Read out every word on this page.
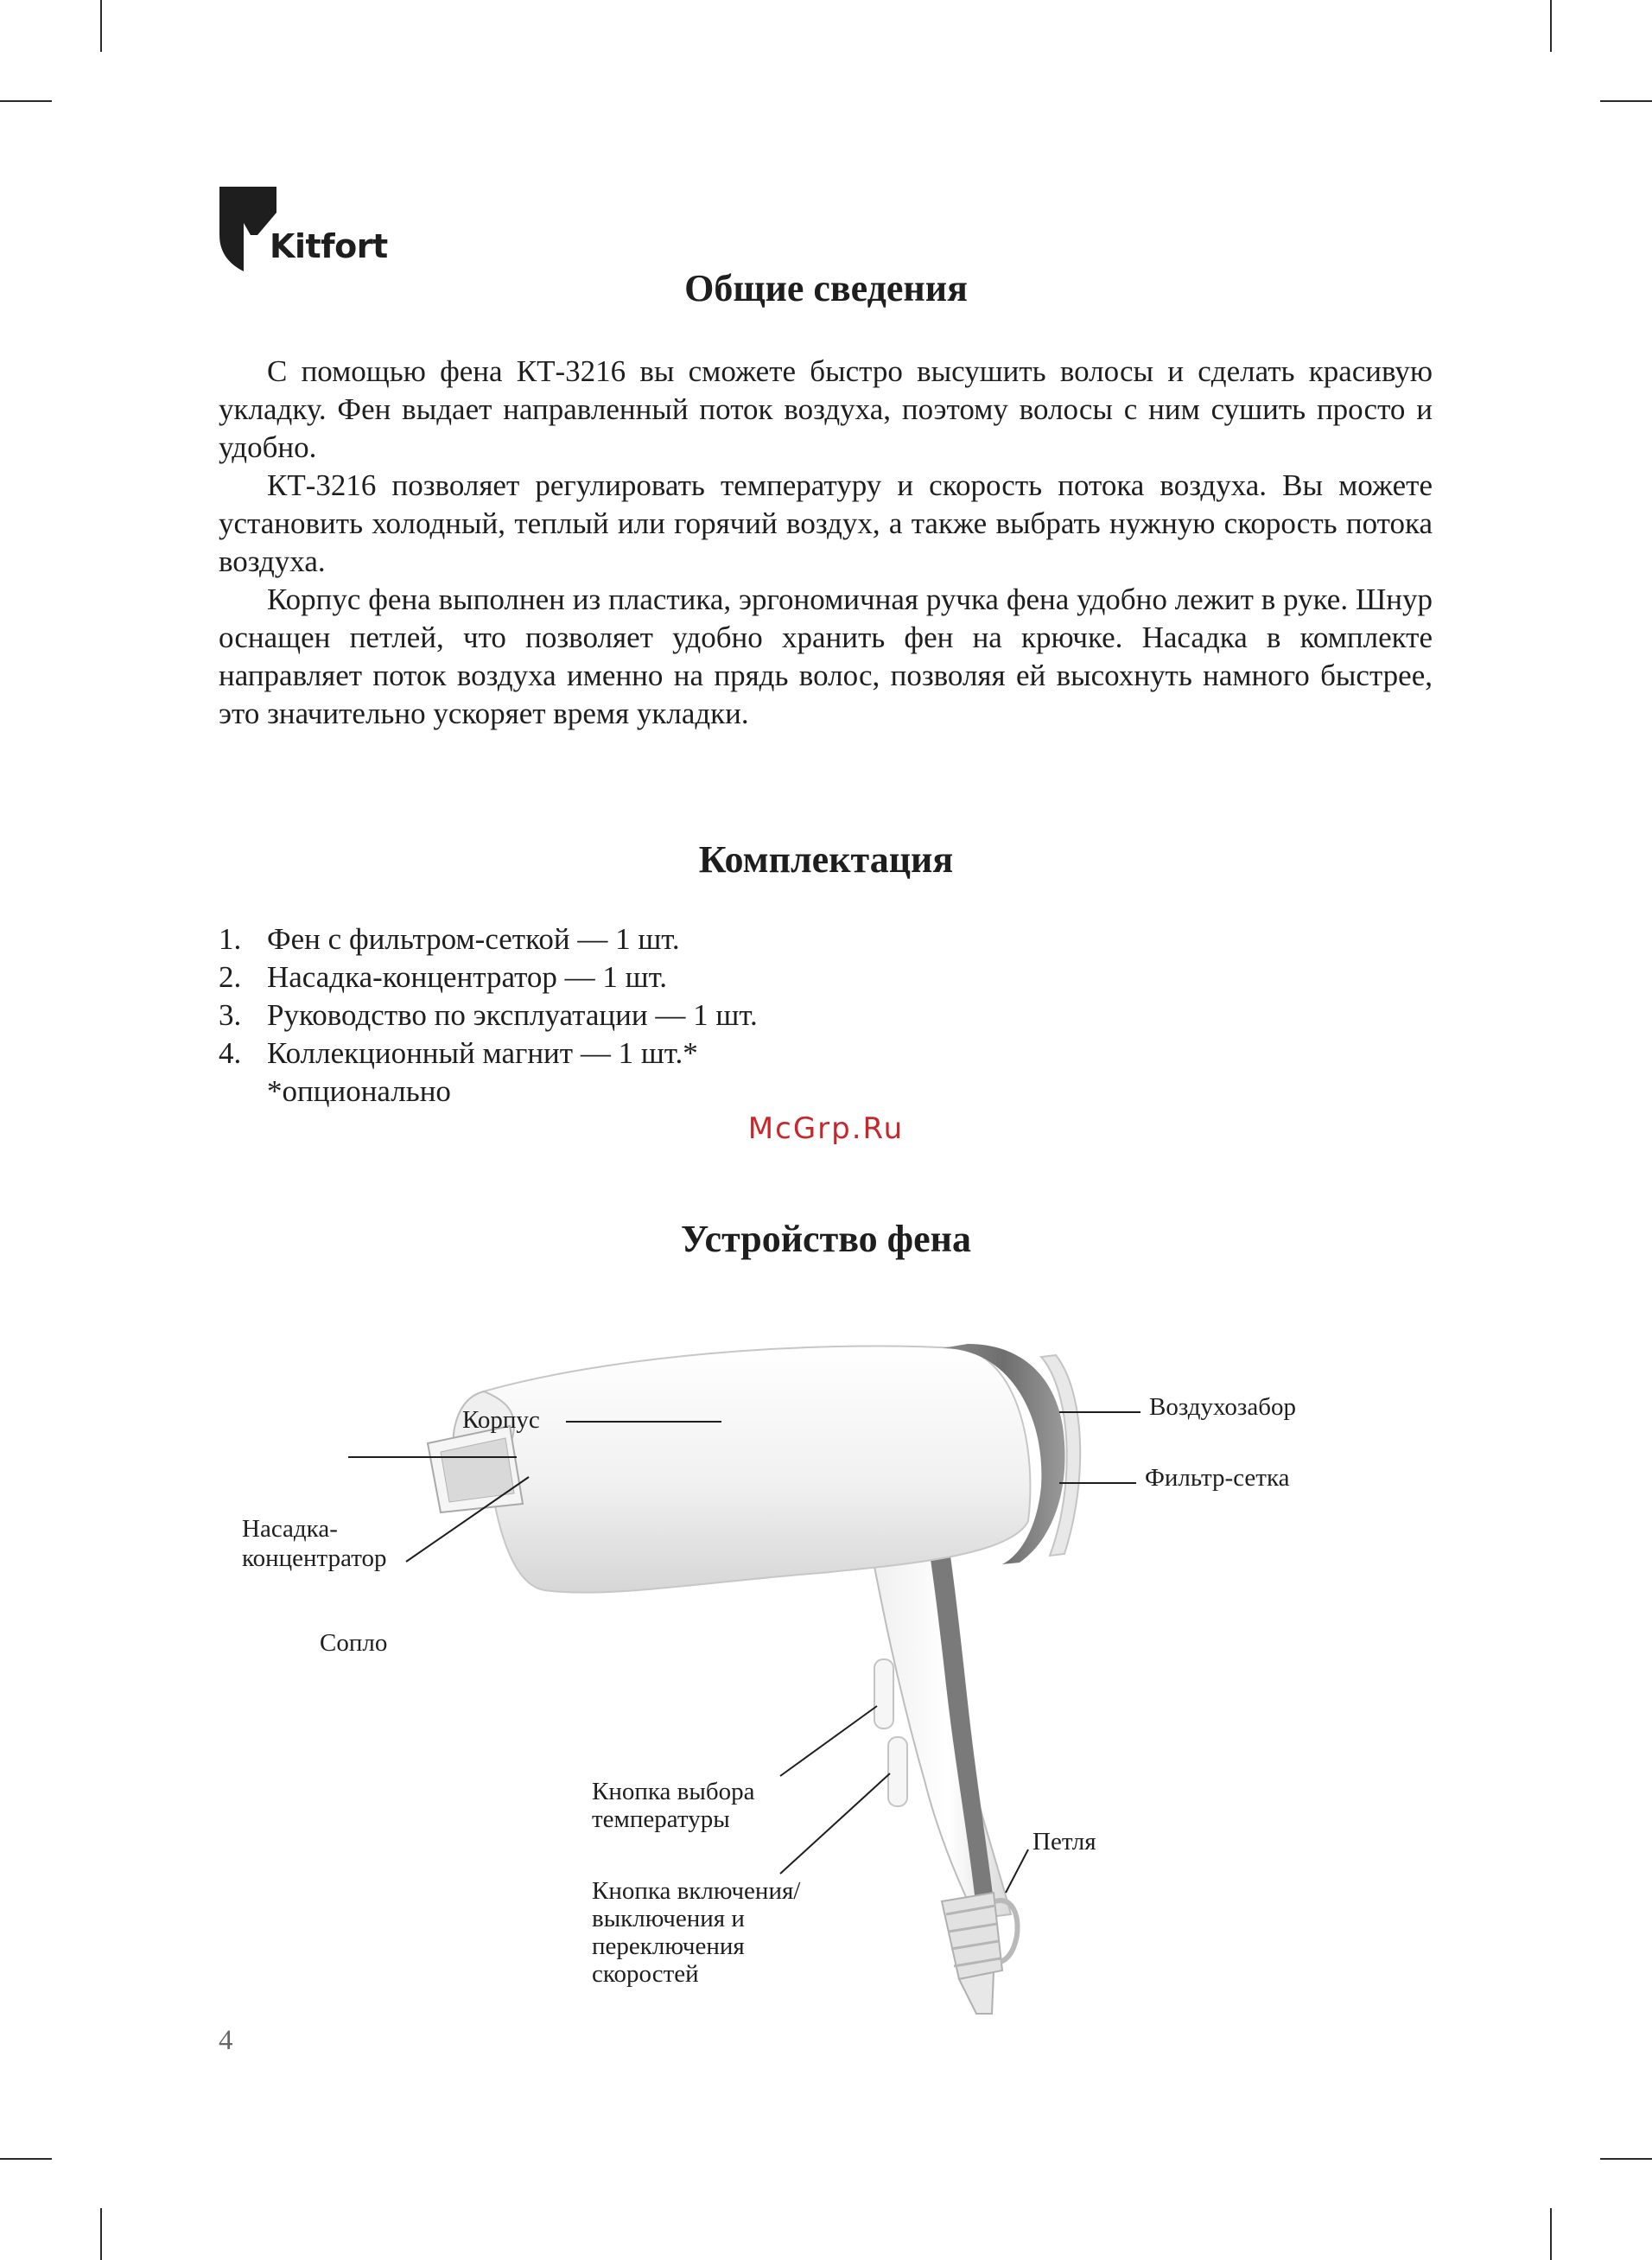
Kitfort
Общие сведения

С помощью фена КТ-3216 вы сможете быстро высушить волосы и сделать красивую укладку. Фен выдает направленный поток воздуха, поэтому волосы с ним сушить просто и удобно.

КТ-3216 позволяет регулировать температуру и скорость потока воздуха. Вы можете установить холодный, теплый или горячий воздух, а также выбрать нужную скорость потока воздуха.

Корпус фена выполнен из пластика, эргономичная ручка фена удобно лежит в руке. Шнур оснащен петлей, что позволяет удобно хранить фен на крючке. Насадка в комплекте направляет поток воздуха именно на прядь волос, позволяя ей высохнуть намного быстрее, это значительно ускоряет время укладки.

Комплектация
1. Фен с фильтром-сеткой — 1 шт.
2. Насадка-концентратор — 1 шт.
3. Руководство по эксплуатации — 1 шт.
4. Коллекционный магнит — 1 шт.*
*опционально
McGrp.Ru
Устройство фена
Корпус
Насадка-
концентратор
Сопло
Воздухозабор
Фильтр-сетка
Кнопка выбора
температуры
Кнопка включения/
выключения и
переключения
скоростей
Петля
4
